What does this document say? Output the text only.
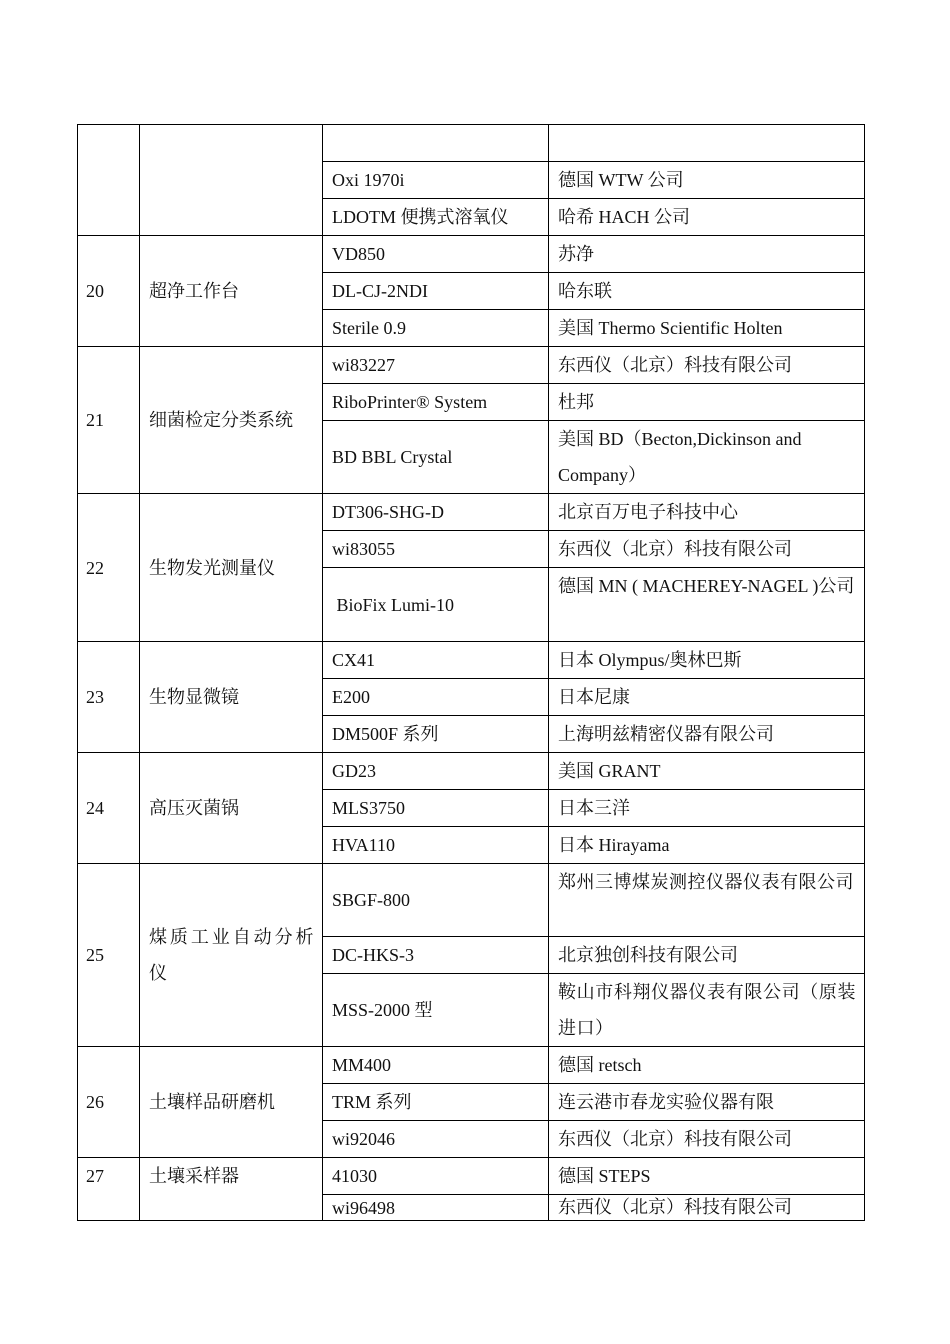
		Oxi 1970i	德国 WTW 公司
		LDOTM 便携式溶氧仪	哈希 HACH 公司
20	超净工作台	VD850	苏净
		DL-CJ-2NDI	哈东联
		Sterile 0.9	美国 Thermo Scientific Holten
21	细菌检定分类系统	wi83227	东西仪（北京）科技有限公司
		RiboPrinter® System	杜邦
		BD BBL Crystal	美国 BD（Becton,Dickinson and Company）
22	生物发光测量仪	DT306-SHG-D	北京百万电子科技中心
		wi83055	东西仪（北京）科技有限公司
		BioFix Lumi-10	德国 MN ( MACHEREY-NAGEL )公司
23	生物显微镜	CX41	日本 Olympus/奥林巴斯
		E200	日本尼康
		DM500F 系列	上海明兹精密仪器有限公司
24	高压灭菌锅	GD23	美国 GRANT
		MLS3750	日本三洋
		HVA110	日本 Hirayama
25	煤质工业自动分析仪	SBGF-800	郑州三博煤炭测控仪器仪表有限公司
		DC-HKS-3	北京独创科技有限公司
		MSS-2000 型	鞍山市科翔仪器仪表有限公司（原装进口）
26	土壤样品研磨机	MM400	德国 retsch
		TRM 系列	连云港市春龙实验仪器有限
		wi92046	东西仪（北京）科技有限公司
27	土壤采样器	41030	德国 STEPS
		wi96498	东西仪（北京）科技有限公司
